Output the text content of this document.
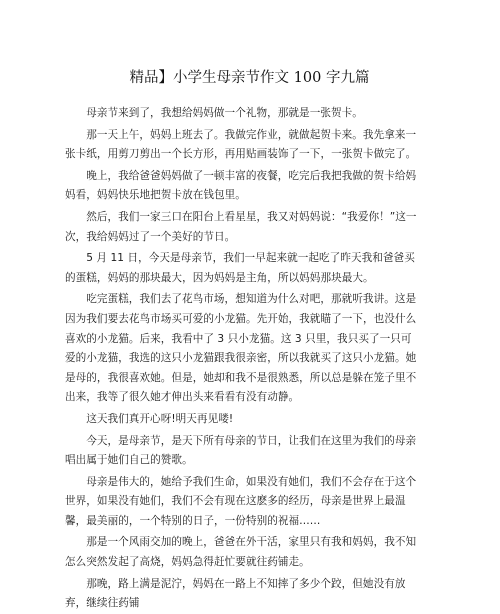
精品】小学生母亲节作文 100 字九篇

母亲节来到了，我想给妈妈做一个礼物，那就是一张贺卡。

那一天上午，妈妈上班去了。我做完作业，就做起贺卡来。我先拿来一张卡纸，用剪刀剪出一个长方形，再用贴画装饰了一下，一张贺卡做完了。

晚上，我给爸爸妈妈做了一顿丰富的夜餐，吃完后我把我做的贺卡给妈妈看，妈妈快乐地把贺卡放在钱包里。

然后，我们一家三口在阳台上看星星，我又对妈妈说：“我爱你！”这一次，我给妈妈过了一个美好的节日。

5 月 11 日，今天是母亲节，我们一早起来就一起吃了昨天我和爸爸买的蛋糕，妈妈的那块最大，因为妈妈是主角，所以妈妈那块最大。

吃完蛋糕，我们去了花鸟市场，想知道为什么对吧，那就听我讲。这是因为我们要去花鸟市场买可爱的小龙猫。先开始，我就瞄了一下，也没什么喜欢的小龙猫。后来，我看中了 3 只小龙猫。这 3 只里，我只买了一只可爱的小龙猫，我选的这只小龙猫跟我很亲密，所以我就买了这只小龙猫。她是母的，我很喜欢她。但是，她却和我不是很熟悉，所以总是躲在笼子里不出来，我等了很久她才伸出头来看看有没有动静。

这天我们真开心呀!明天再见喽!

今天，是母亲节，是天下所有母亲的节日，让我们在这里为我们的母亲唱出属于她们自己的赞歌。

母亲是伟大的，她给予我们生命，如果没有她们，我们不会存在于这个世界，如果没有她们，我们不会有现在这麽多的经历，母亲是世界上最温馨，最美丽的，一个特别的日子，一份特别的祝福……

那是一个风雨交加的晚上，爸爸在外干活，家里只有我和妈妈，我不知怎么突然发起了高烧，妈妈急得赶忙要就往药铺走。

那晚，路上满是泥泞，妈妈在一路上不知摔了多少个跤，但她没有放弃，继续往药铺
